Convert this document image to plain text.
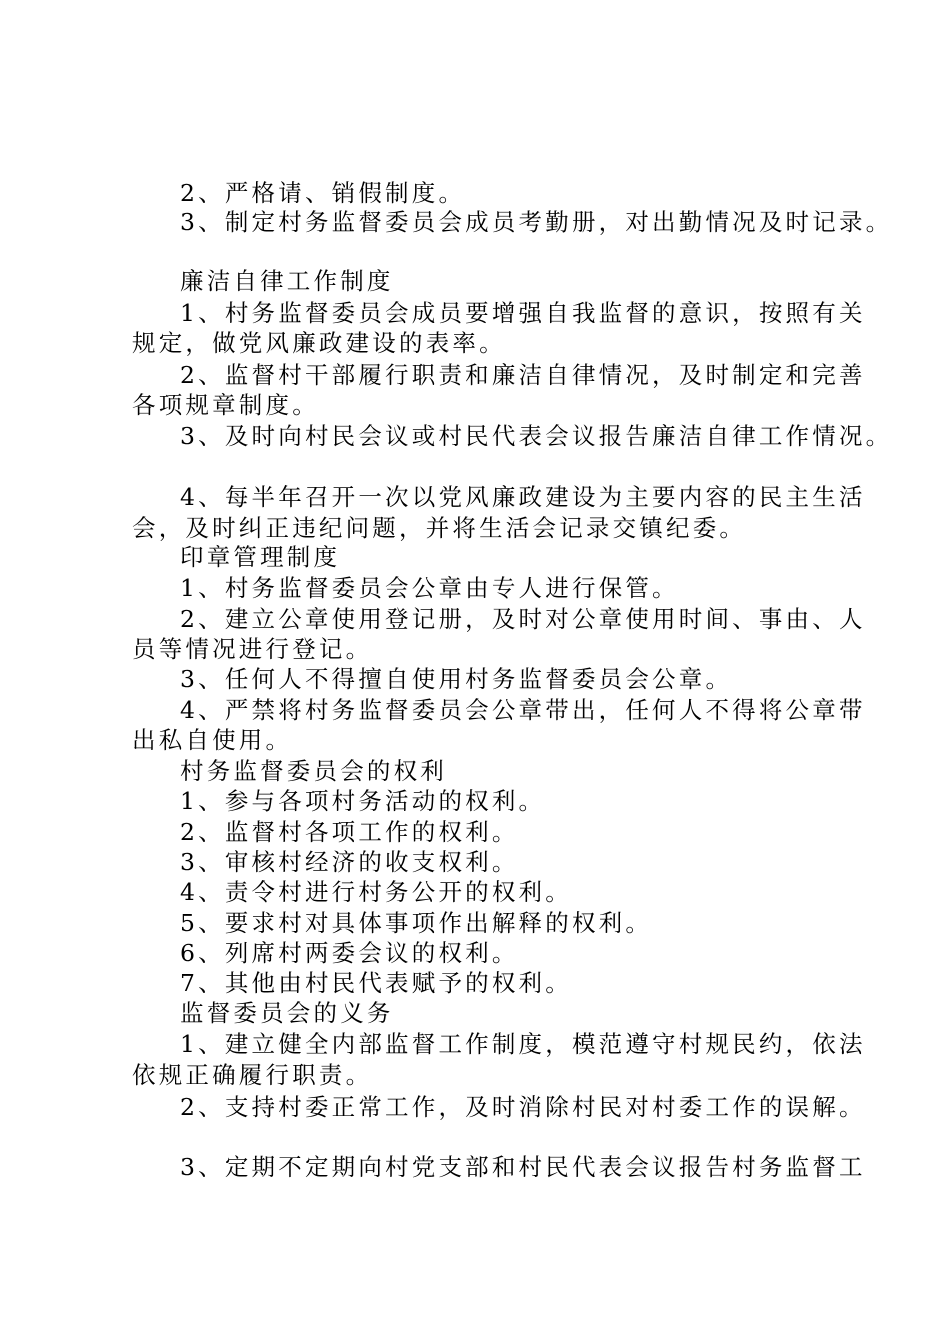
2、严格请、销假制度。
3、制定村务监督委员会成员考勤册，对出勤情况及时记录。
廉洁自律工作制度
1、村务监督委员会成员要增强自我监督的意识，按照有关
规定，做党风廉政建设的表率。
2、监督村干部履行职责和廉洁自律情况，及时制定和完善
各项规章制度。
3、及时向村民会议或村民代表会议报告廉洁自律工作情况。
4、每半年召开一次以党风廉政建设为主要内容的民主生活
会，及时纠正违纪问题，并将生活会记录交镇纪委。
印章管理制度
1、村务监督委员会公章由专人进行保管。
2、建立公章使用登记册，及时对公章使用时间、事由、人
员等情况进行登记。
3、任何人不得擅自使用村务监督委员会公章。
4、严禁将村务监督委员会公章带出，任何人不得将公章带
出私自使用。
村务监督委员会的权利
1、参与各项村务活动的权利。
2、监督村各项工作的权利。
3、审核村经济的收支权利。
4、责令村进行村务公开的权利。
5、要求村对具体事项作出解释的权利。
6、列席村两委会议的权利。
7、其他由村民代表赋予的权利。
监督委员会的义务
1、建立健全内部监督工作制度，模范遵守村规民约，依法
依规正确履行职责。
2、支持村委正常工作，及时消除村民对村委工作的误解。
3、定期不定期向村党支部和村民代表会议报告村务监督工
